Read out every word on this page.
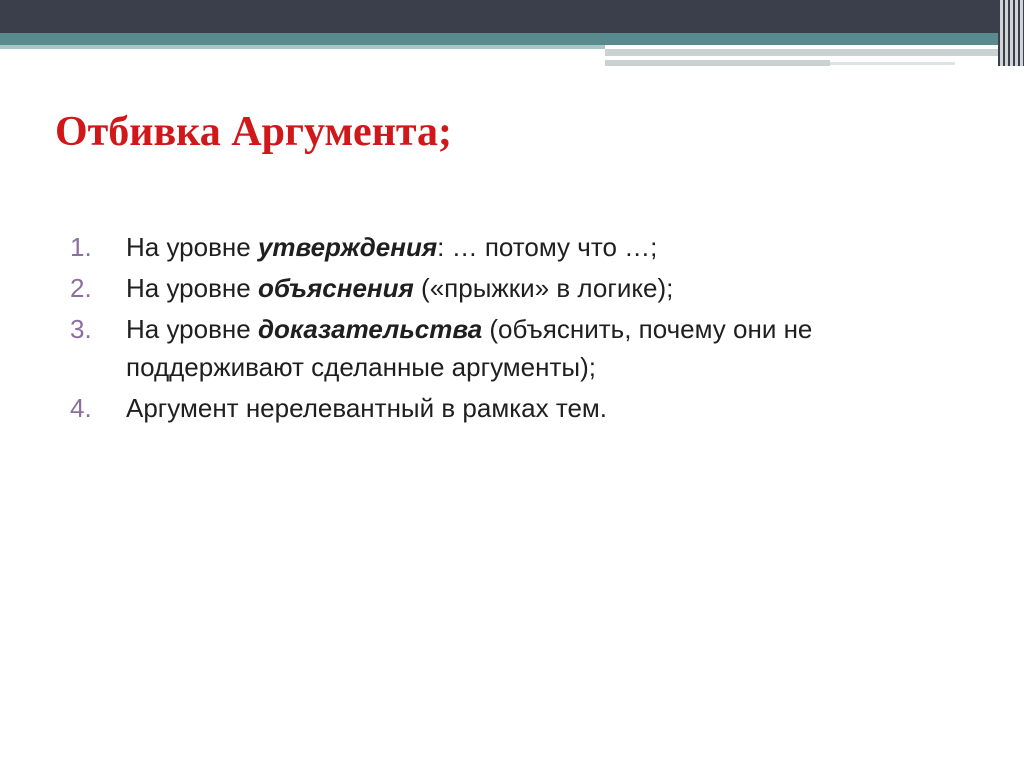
Отбивка Аргумента;
1. На уровне утверждения: … потому что …;
2. На уровне объяснения («прыжки» в логике);
3. На уровне доказательства (объяснить, почему они не поддерживают сделанные аргументы);
4. Аргумент нерелевантный в рамках тем.
